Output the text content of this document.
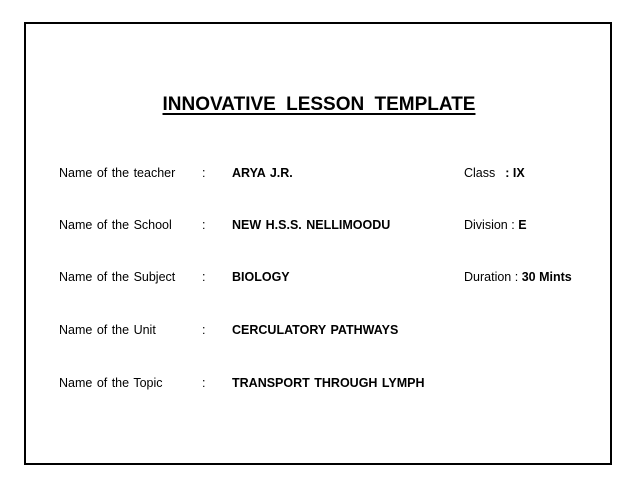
INNOVATIVE LESSON TEMPLATE
Name of the teacher : ARYA J.R.	Class : IX
Name of the School : NEW H.S.S. NELLIMOODU	Division : E
Name of the Subject : BIOLOGY	Duration : 30 Mints
Name of the Unit	: CERCULATORY PATHWAYS
Name of the Topic	: TRANSPORT THROUGH LYMPH
